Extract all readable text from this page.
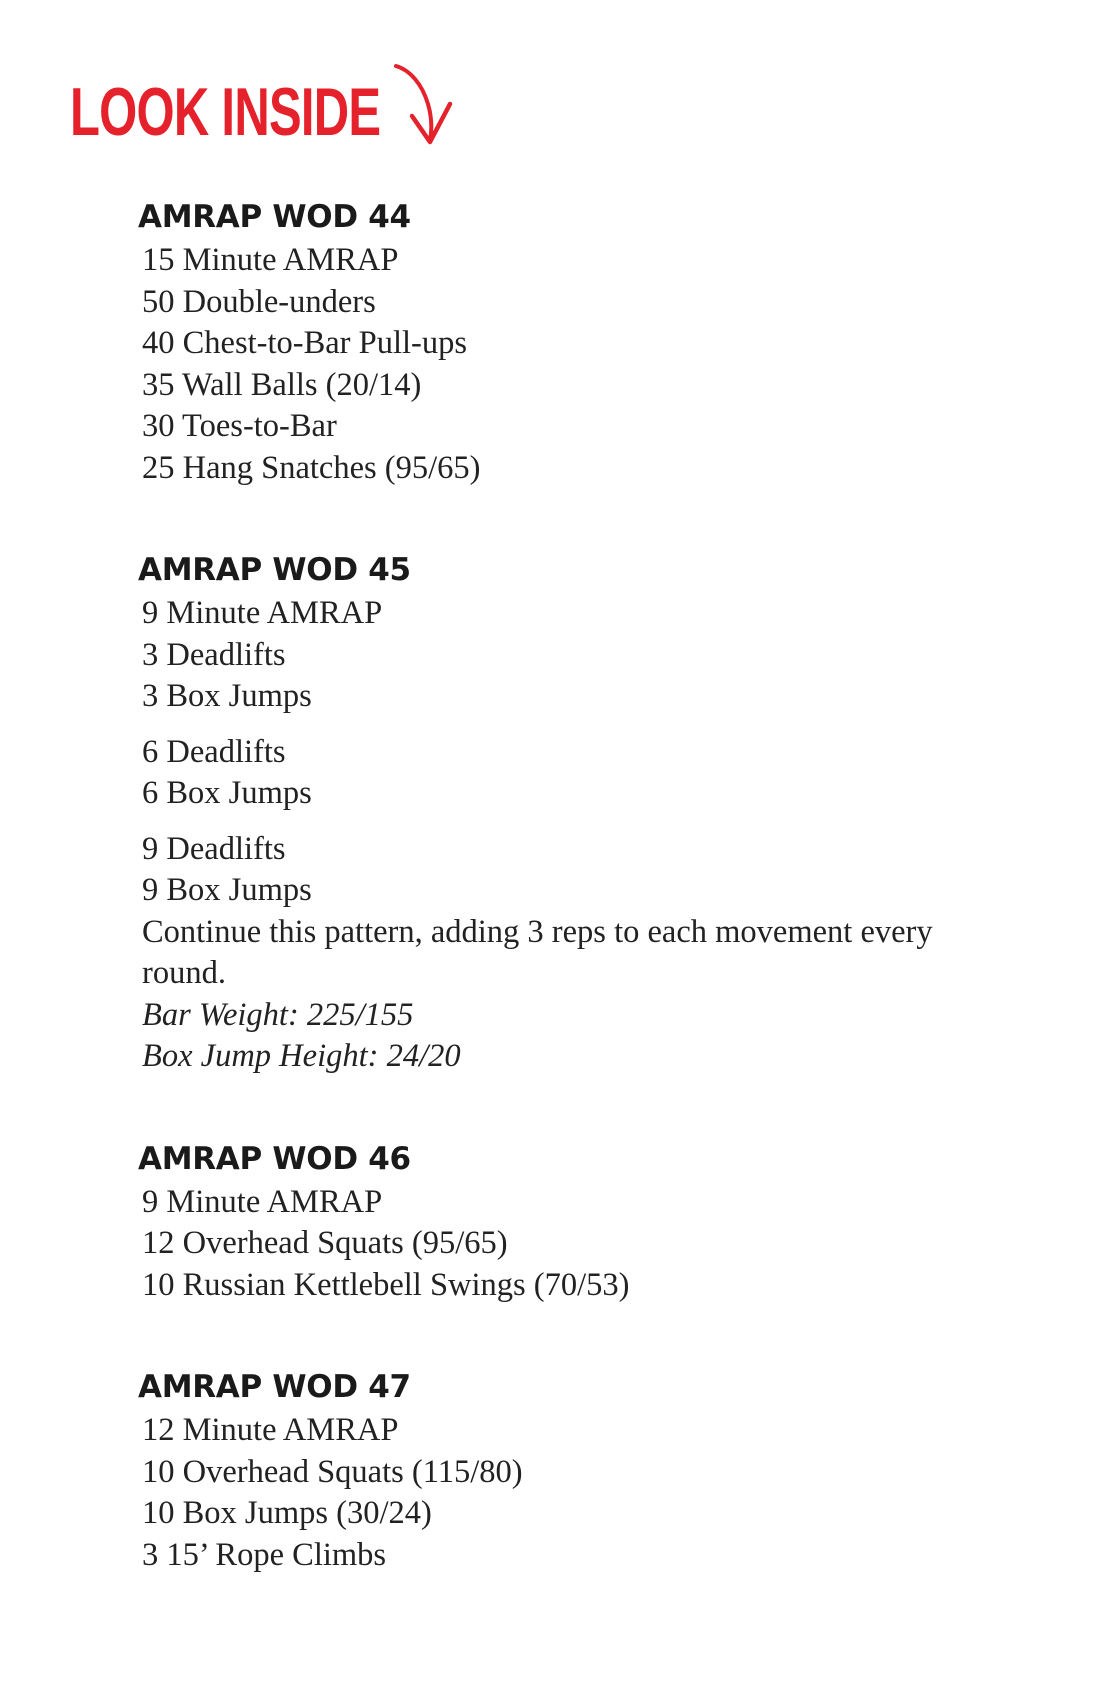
LOOK INSIDE
AMRAP WOD 44

15 Minute AMRAP

50 Double-unders

40 Chest-to-Bar Pull-ups

35 Wall Balls (20/14)

30 Toes-to-Bar

25 Hang Snatches (95/65)

AMRAP WOD 45

9 Minute AMRAP

3 Deadlifts

3 Box Jumps

6 Deadlifts

6 Box Jumps

9 Deadlifts

9 Box Jumps

Continue this pattern, adding 3 reps to each movement every round.

Bar Weight: 225/155

Box Jump Height: 24/20

AMRAP WOD 46

9 Minute AMRAP

12 Overhead Squats (95/65)

10 Russian Kettlebell Swings (70/53)

AMRAP WOD 47

12 Minute AMRAP

10 Overhead Squats (115/80)

10 Box Jumps (30/24)

3 15’ Rope Climbs
